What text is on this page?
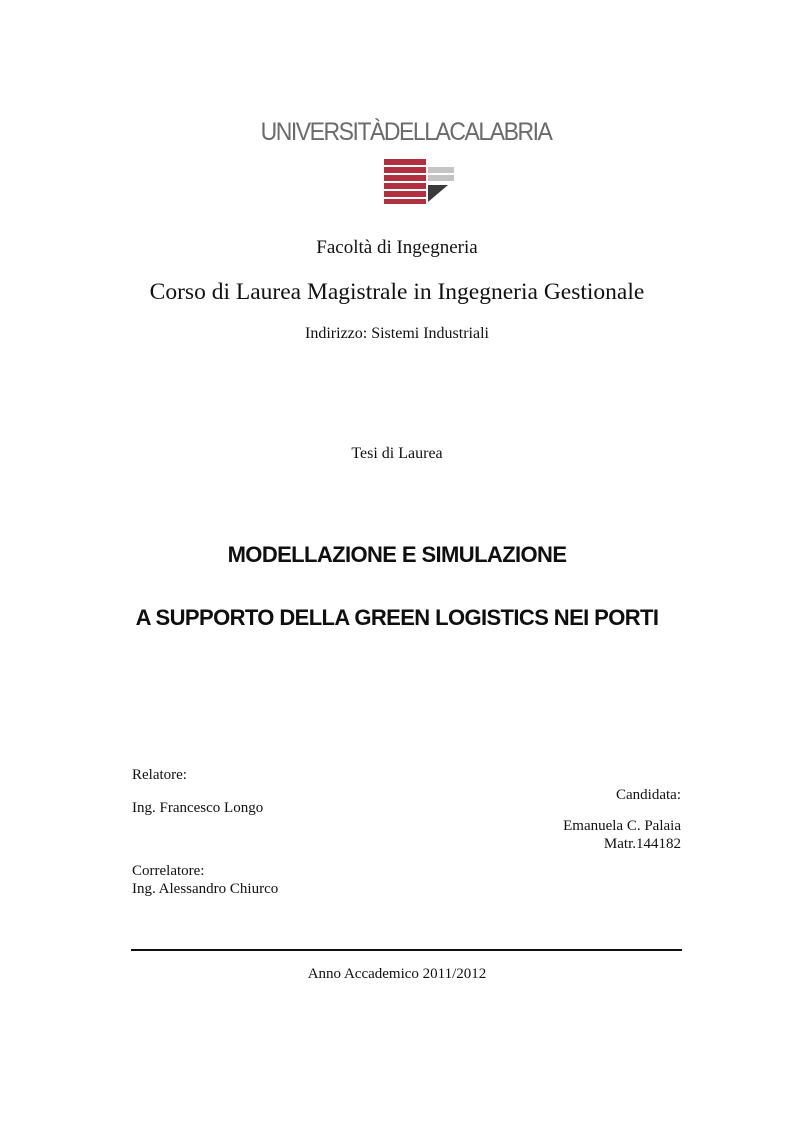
UNIVERSITÀDELLACALABRIA
Facoltà di Ingegneria
Corso di Laurea Magistrale in Ingegneria Gestionale
Indirizzo: Sistemi Industriali
Tesi di Laurea
MODELLAZIONE E SIMULAZIONE
A SUPPORTO DELLA GREEN LOGISTICS NEI PORTI
Relatore:
Ing. Francesco Longo
Correlatore:
Ing. Alessandro Chiurco
Candidata:
Emanuela C. Palaia
Matr.144182
Anno Accademico 2011/2012
